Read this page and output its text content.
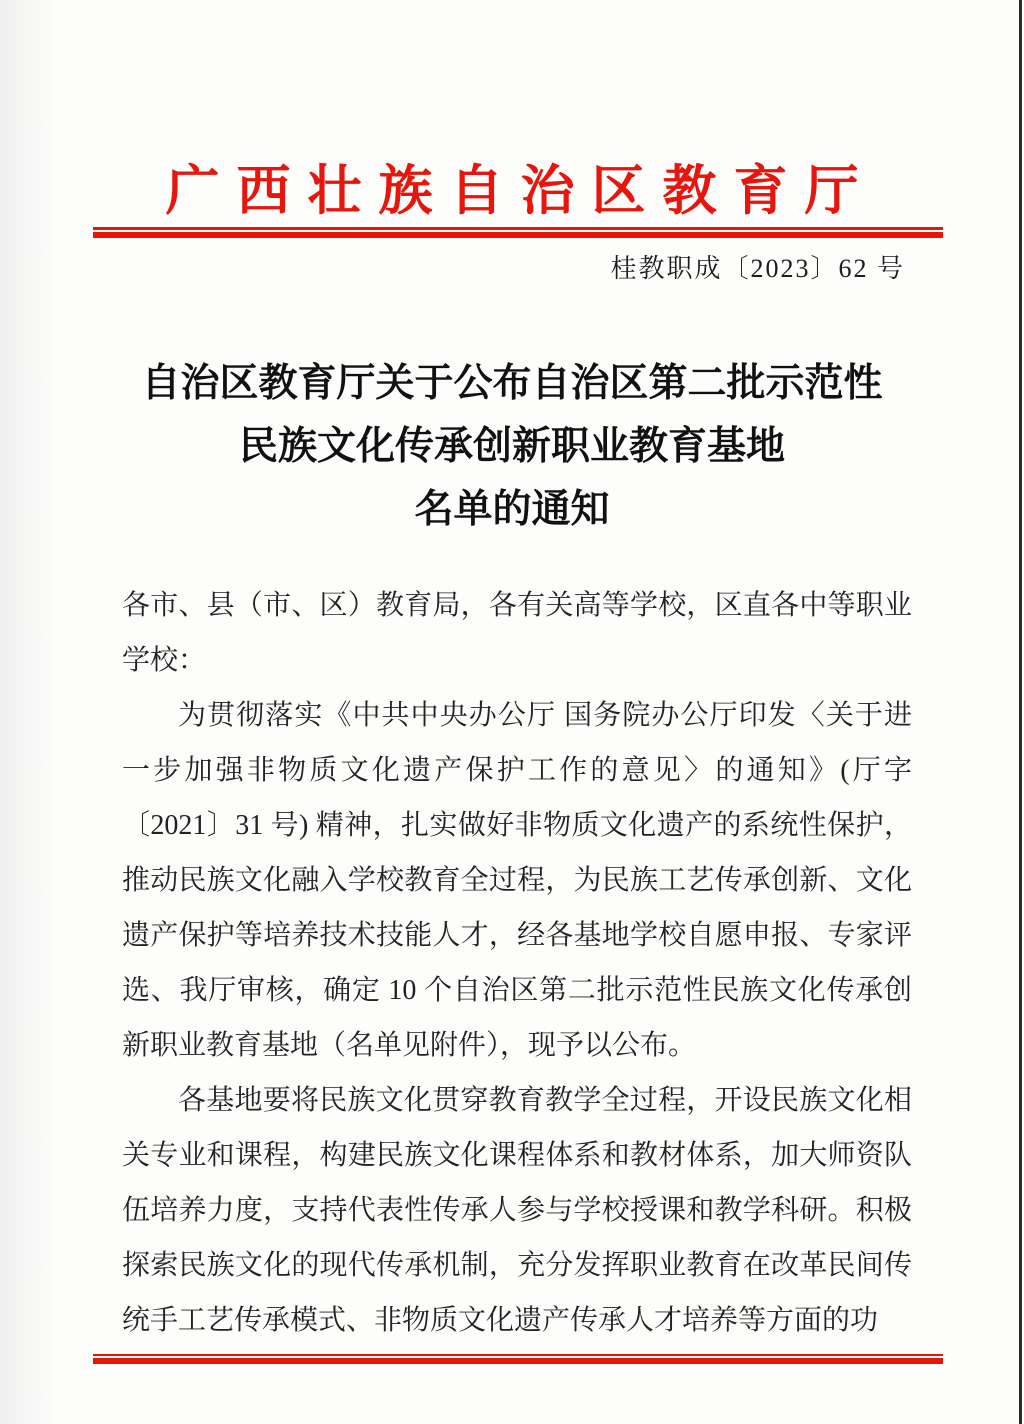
广西壮族自治区教育厅
桂教职成〔2023〕62 号
自治区教育厅关于公布自治区第二批示范性
民族文化传承创新职业教育基地
名单的通知

各市、县（市、区）教育局，各有关高等学校，区直各中等职业学校：

为贯彻落实《中共中央办公厅 国务院办公厅印发〈关于进一步加强非物质文化遗产保护工作的意见〉的通知》(厅字〔2021〕31 号) 精神，扎实做好非物质文化遗产的系统性保护，推动民族文化融入学校教育全过程，为民族工艺传承创新、文化遗产保护等培养技术技能人才，经各基地学校自愿申报、专家评选、我厅审核，确定 10 个自治区第二批示范性民族文化传承创新职业教育基地（名单见附件），现予以公布。

各基地要将民族文化贯穿教育教学全过程，开设民族文化相关专业和课程，构建民族文化课程体系和教材体系，加大师资队伍培养力度，支持代表性传承人参与学校授课和教学科研。积极探索民族文化的现代传承机制，充分发挥职业教育在改革民间传统手工艺传承模式、非物质文化遗产传承人才培养等方面的功
